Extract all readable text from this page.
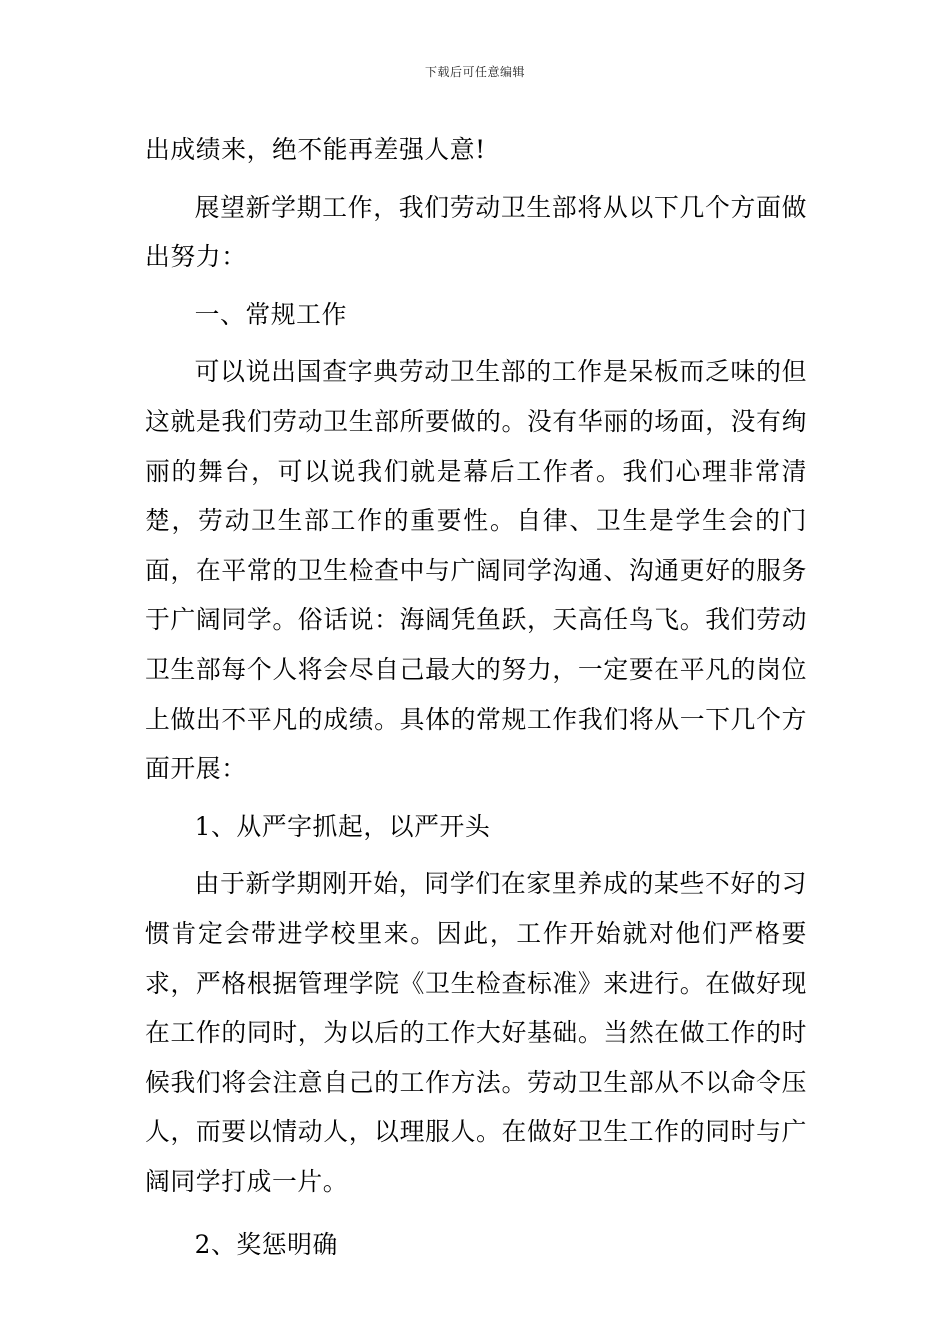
下载后可任意编辑

出成绩来，绝不能再差强人意!

展望新学期工作，我们劳动卫生部将从以下几个方面做出努力：

一、常规工作

可以说出国查字典劳动卫生部的工作是呆板而乏味的但这就是我们劳动卫生部所要做的。没有华丽的场面，没有绚丽的舞台，可以说我们就是幕后工作者。我们心理非常清楚，劳动卫生部工作的重要性。自律、卫生是学生会的门面，在平常的卫生检查中与广阔同学沟通、沟通更好的服务于广阔同学。俗话说：海阔凭鱼跃，天高任鸟飞。我们劳动卫生部每个人将会尽自己最大的努力，一定要在平凡的岗位上做出不平凡的成绩。具体的常规工作我们将从一下几个方面开展：

1、从严字抓起，以严开头

由于新学期刚开始，同学们在家里养成的某些不好的习惯肯定会带进学校里来。因此，工作开始就对他们严格要求，严格根据管理学院《卫生检查标准》来进行。在做好现在工作的同时，为以后的工作大好基础。当然在做工作的时候我们将会注意自己的工作方法。劳动卫生部从不以命令压人，而要以情动人，以理服人。在做好卫生工作的同时与广阔同学打成一片。

2、奖惩明确
